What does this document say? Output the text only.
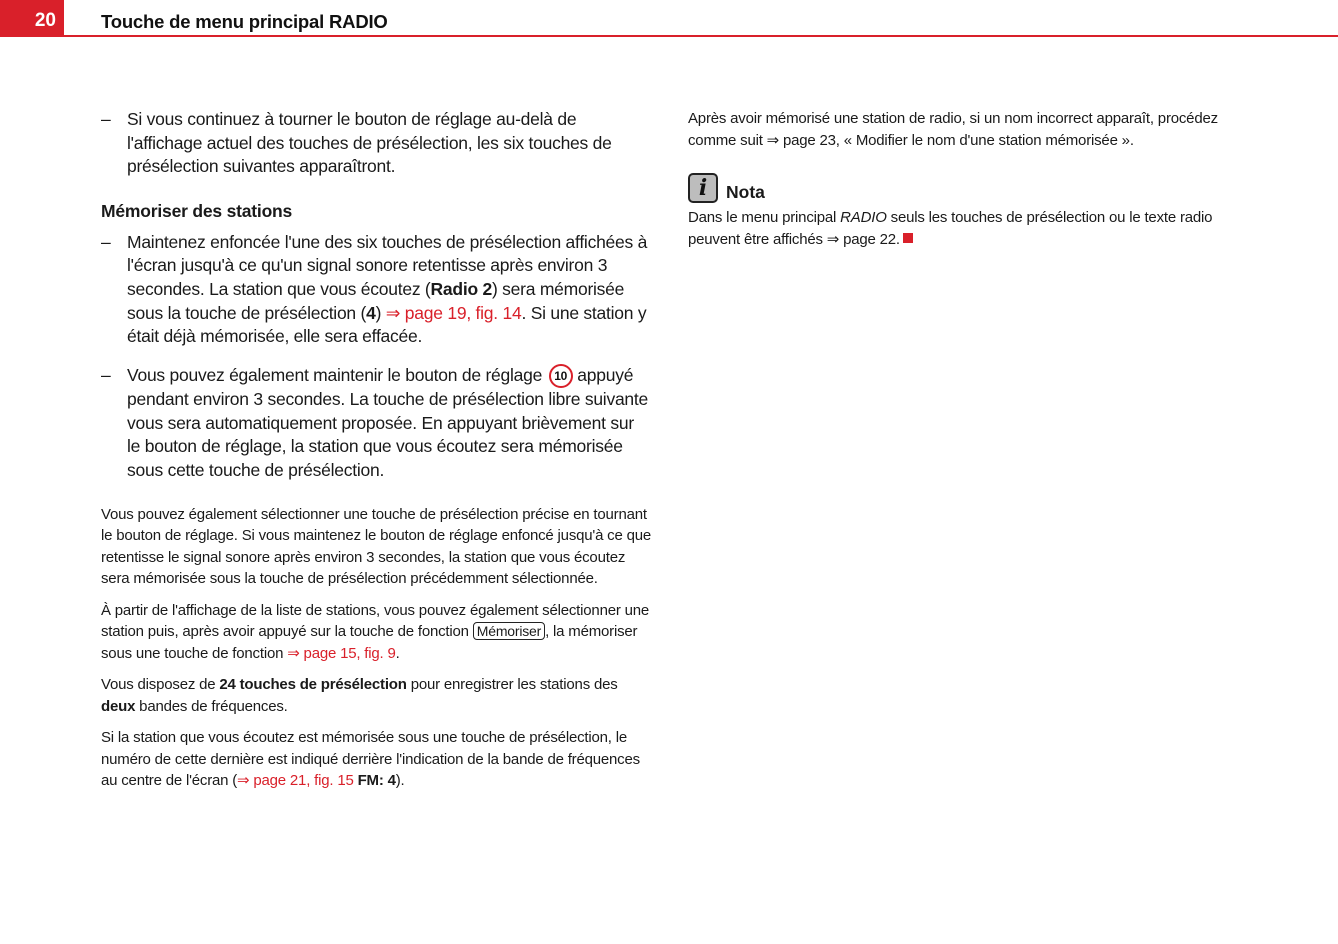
20 Touche de menu principal RADIO
– Si vous continuez à tourner le bouton de réglage au-delà de l'affichage actuel des touches de présélection, les six touches de présélection suivantes apparaîtront.
Mémoriser des stations
– Maintenez enfoncée l'une des six touches de présélection affichées à l'écran jusqu'à ce qu'un signal sonore retentisse après environ 3 secondes. La station que vous écoutez (Radio 2) sera mémorisée sous la touche de présélection (4) ⇒ page 19, fig. 14. Si une station y était déjà mémorisée, elle sera effacée.
– Vous pouvez également maintenir le bouton de réglage 10 appuyé pendant environ 3 secondes. La touche de présélection libre suivante vous sera automatiquement proposée. En appuyant brièvement sur le bouton de réglage, la station que vous écoutez sera mémorisée sous cette touche de présélection.
Vous pouvez également sélectionner une touche de présélection précise en tournant le bouton de réglage. Si vous maintenez le bouton de réglage enfoncé jusqu'à ce que retentisse le signal sonore après environ 3 secondes, la station que vous écoutez sera mémorisée sous la touche de présélection précédemment sélectionnée.
À partir de l'affichage de la liste de stations, vous pouvez également sélectionner une station puis, après avoir appuyé sur la touche de fonction Mémoriser , la mémoriser sous une touche de fonction ⇒ page 15, fig. 9.
Vous disposez de 24 touches de présélection pour enregistrer les stations des deux bandes de fréquences.
Si la station que vous écoutez est mémorisée sous une touche de présélection, le numéro de cette dernière est indiqué derrière l'indication de la bande de fréquences au centre de l'écran (⇒ page 21, fig. 15 FM: 4).
Après avoir mémorisé une station de radio, si un nom incorrect apparaît, procédez comme suit ⇒ page 23, « Modifier le nom d'une station mémorisée ».
i	Nota
Dans le menu principal RADIO seuls les touches de présélection ou le texte radio peuvent être affichés ⇒ page 22.
